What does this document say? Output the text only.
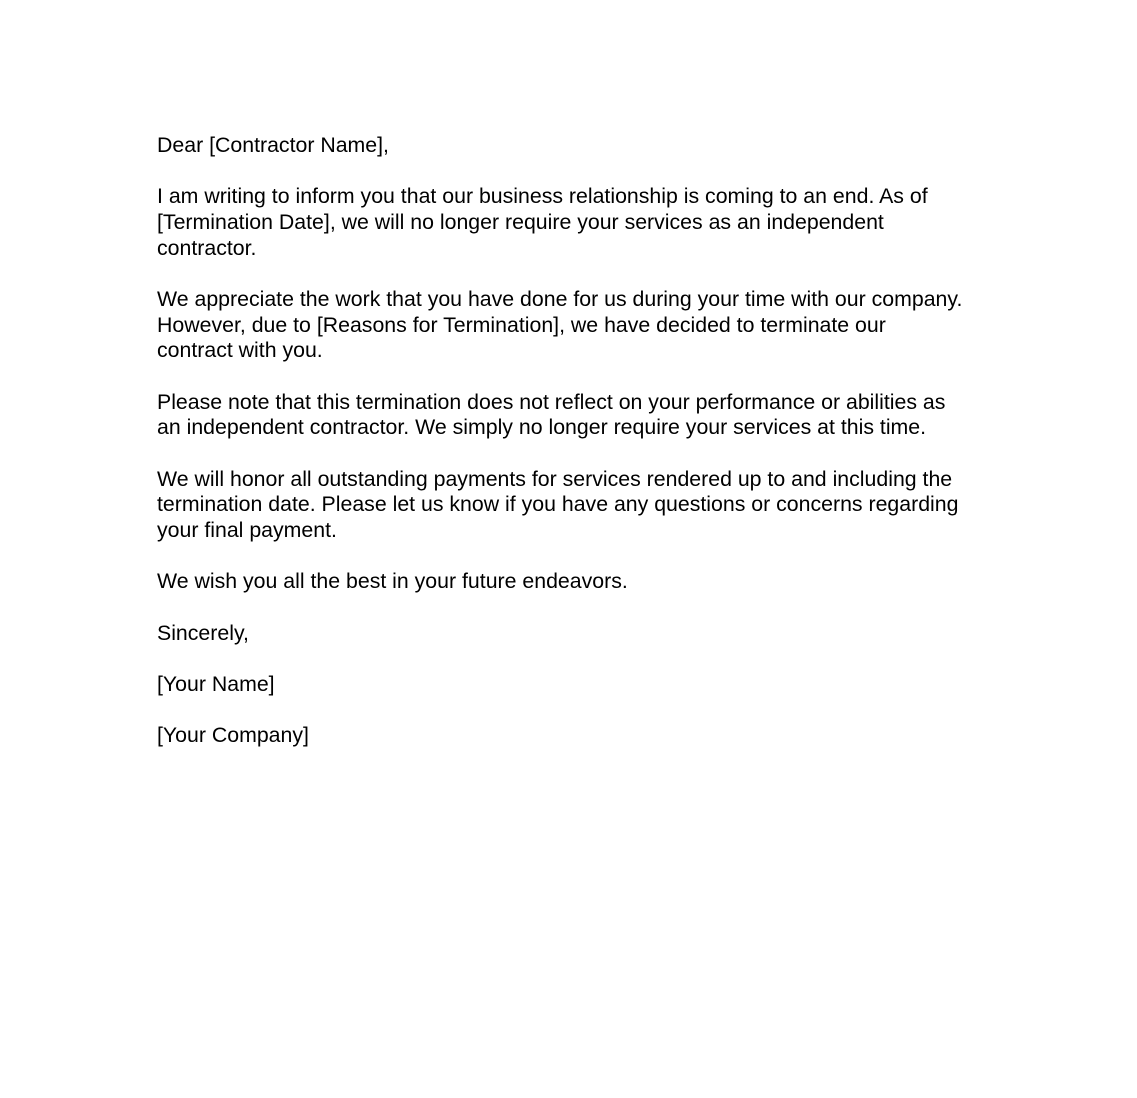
Dear [Contractor Name],

I am writing to inform you that our business relationship is coming to an end. As of [Termination Date], we will no longer require your services as an independent contractor.

We appreciate the work that you have done for us during your time with our company. However, due to [Reasons for Termination], we have decided to terminate our contract with you.

Please note that this termination does not reflect on your performance or abilities as an independent contractor. We simply no longer require your services at this time.

We will honor all outstanding payments for services rendered up to and including the termination date. Please let us know if you have any questions or concerns regarding your final payment.

We wish you all the best in your future endeavors.

Sincerely,

[Your Name]

[Your Company]
